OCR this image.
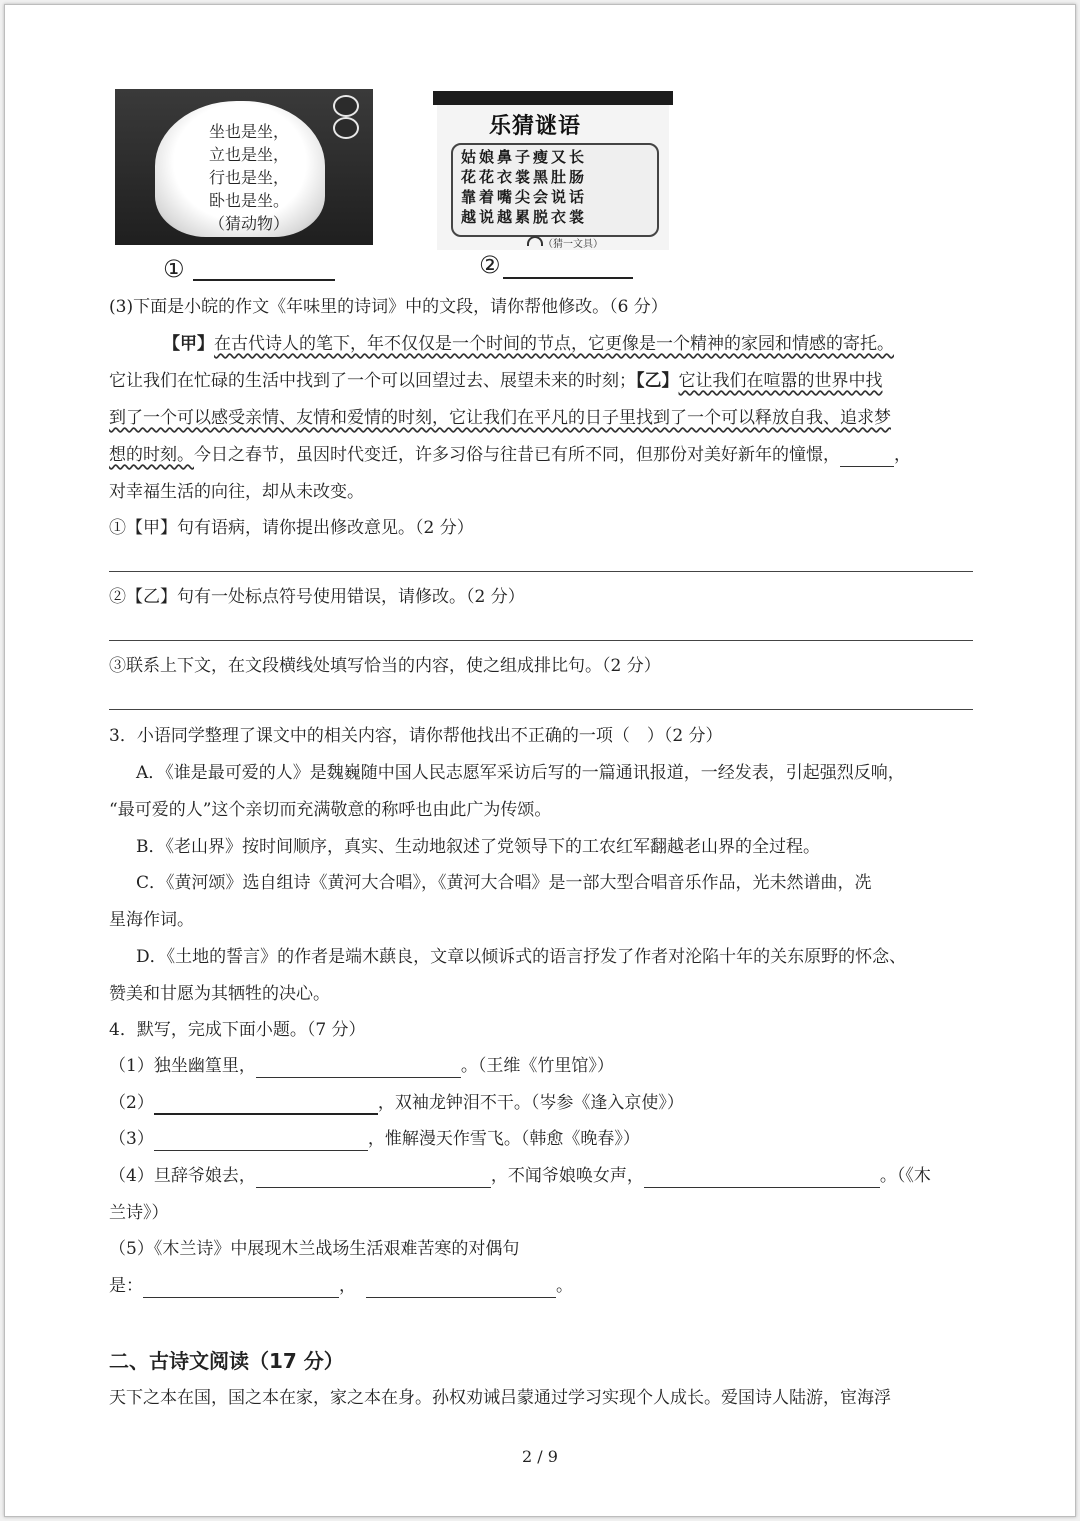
坐也是坐，
立也是坐，
行也是坐，
卧也是坐。
（猜动物）
①
乐猜谜语
姑娘鼻子瘦又长
花花衣裳黑肚肠
靠着嘴尖会说话
越说越累脱衣裳
（猜一文具）
②
(3)下面是小皖的作文《年味里的诗词》中的文段，请你帮他修改。（6 分）
【甲】在古代诗人的笔下，年不仅仅是一个时间的节点，它更像是一个精神的家园和情感的寄托。
它让我们在忙碌的生活中找到了一个可以回望过去、展望未来的时刻；【乙】它让我们在喧嚣的世界中找
到了一个可以感受亲情、友情和爱情的时刻，它让我们在平凡的日子里找到了一个可以释放自我、追求梦
想的时刻。今日之春节，虽因时代变迁，许多习俗与往昔已有所不同，但那份对美好新年的憧憬，	，
对幸福生活的向往，却从未改变。
①【甲】句有语病，请你提出修改意见。（2 分）
②【乙】句有一处标点符号使用错误，请修改。（2 分）
③联系上下文，在文段横线处填写恰当的内容，使之组成排比句。（2 分）
3．小语同学整理了课文中的相关内容，请你帮他找出不正确的一项（　）（2 分）
A．《谁是最可爱的人》是魏巍随中国人民志愿军采访后写的一篇通讯报道，一经发表，引起强烈反响，
“最可爱的人”这个亲切而充满敬意的称呼也由此广为传颂。
B．《老山界》按时间顺序，真实、生动地叙述了党领导下的工农红军翻越老山界的全过程。
C．《黄河颂》选自组诗《黄河大合唱》，《黄河大合唱》是一部大型合唱音乐作品，光未然谱曲，冼
星海作词。
D．《土地的誓言》的作者是端木蕻良，文章以倾诉式的语言抒发了作者对沦陷十年的关东原野的怀念、
赞美和甘愿为其牺牲的决心。
4．默写，完成下面小题。（7 分）
（1）独坐幽篁里，	。（王维《竹里馆》）
（2）	，双袖龙钟泪不干。（岑参《逢入京使》）
（3）	，惟解漫天作雪飞。（韩愈《晚春》）
（4）旦辞爷娘去，	，不闻爷娘唤女声，	。（《木
兰诗》）
（5）《木兰诗》中展现木兰战场生活艰难苦寒的对偶句
是：	，	。
二、古诗文阅读（17 分）
天下之本在国，国之本在家，家之本在身。孙权劝诫吕蒙通过学习实现个人成长。爱国诗人陆游，宦海浮
2 / 9
